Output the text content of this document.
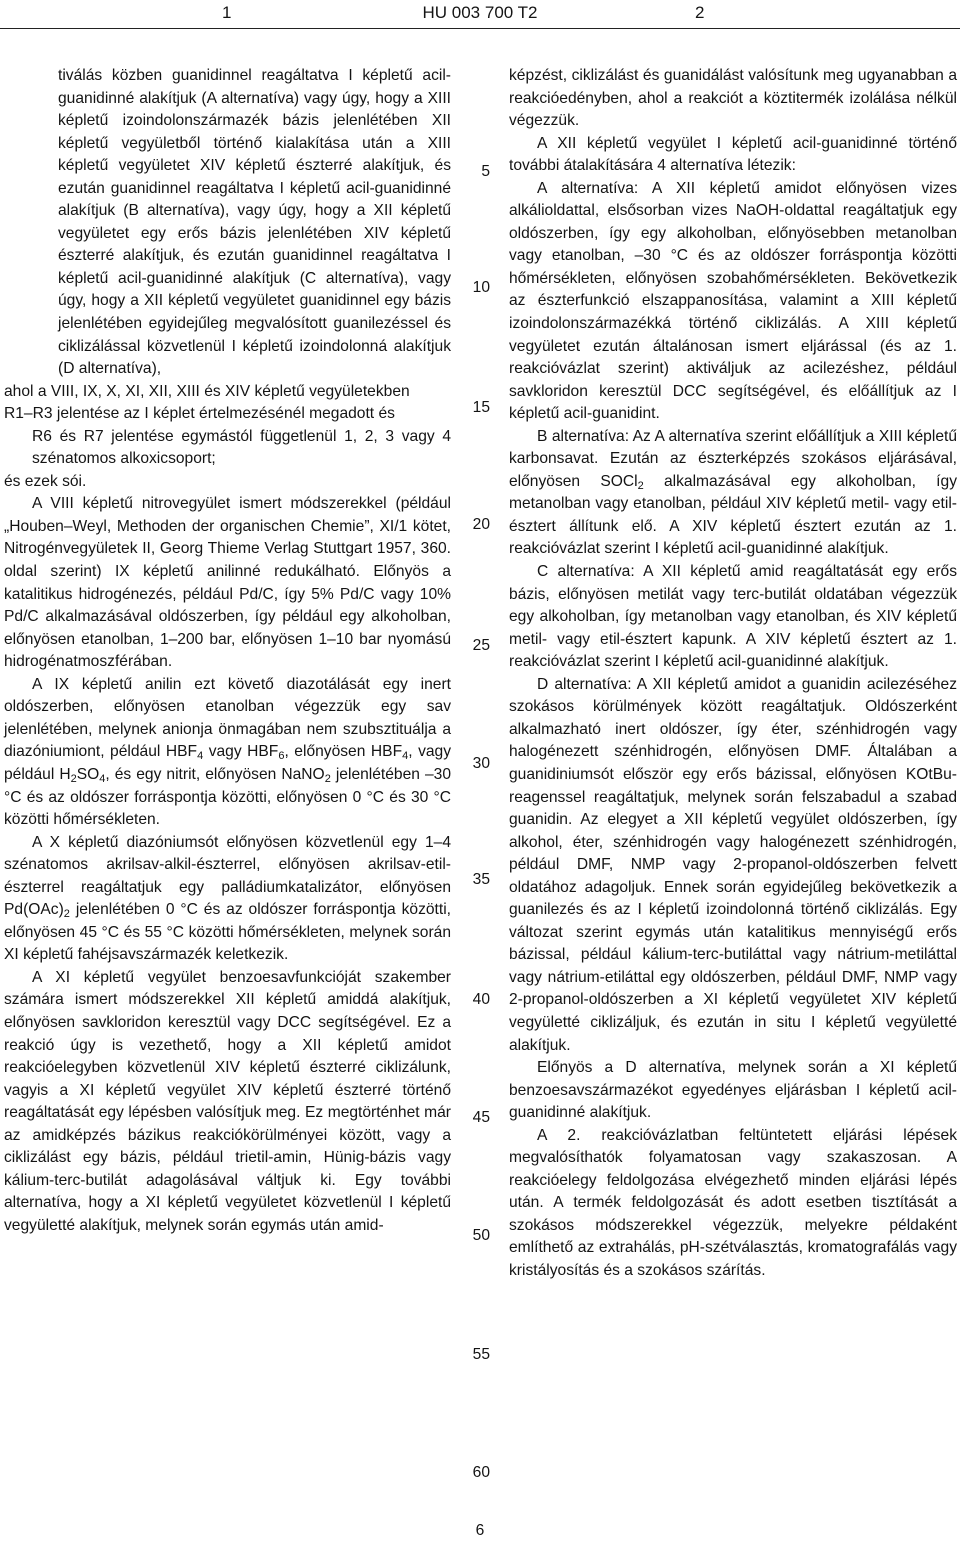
1	HU 003 700 T2	2

tiválás közben guanidinnel reagáltatva I képletű acil-guanidinné alakítjuk (A alternatíva) vagy úgy, hogy a XIII képletű izoindolonszármazék bázis jelenlétében XII képletű vegyületből történő kialakítása után a XIII képletű vegyületet XIV képletű észterré alakítjuk, és ezután guanidinnel reagáltatva I képletű acil-guanidinné alakítjuk (B alternatíva), vagy úgy, hogy a XII képletű vegyületet egy erős bázis jelenlétében XIV képletű észterré alakítjuk, és ezután guanidinnel reagáltatva I képletű acil-guanidinné alakítjuk (C alternatíva), vagy úgy, hogy a XII képletű vegyületet guanidinnel egy bázis jelenlétében egyidejűleg megvalósított guanilezéssel és ciklizálással közvetlenül I képletű izoindolonná alakítjuk (D alternatíva),

ahol a VIII, IX, X, XI, XII, XIII és XIV képletű vegyületekben

R1–R3 jelentése az I képlet értelmezésénél megadott és

R6 és R7 jelentése egymástól függetlenül 1, 2, 3 vagy 4 szénatomos alkoxicsoport;

és ezek sói.

A VIII képletű nitrovegyület ismert módszerekkel (például „Houben–Weyl, Methoden der organischen Chemie”, XI/1 kötet, Nitrogénvegyületek II, Georg Thieme Verlag Stuttgart 1957, 360. oldal szerint) IX képletű anilinné redukálható. Előnyös a katalitikus hidrogénezés, például Pd/C, így 5% Pd/C vagy 10% Pd/C alkalmazásával oldószerben, így például egy alkoholban, előnyösen etanolban, 1–200 bar, előnyösen 1–10 bar nyomású hidrogénatmoszférában.

A IX képletű anilin ezt követő diazotálását egy inert oldószerben, előnyösen etanolban végezzük egy sav jelenlétében, melynek anionja önmagában nem szubsztituálja a diazóniumiont, például $HBF_4$ vagy $HBF_6$, előnyösen $HBF_4$, vagy például $H_2SO_4$, és egy nitrit, előnyösen NaNO$_2$ jelenlétében –30 °C és az oldószer forráspontja közötti, előnyösen 0 °C és 30 °C közötti hőmérsékleten.

A X képletű diazóniumsót előnyösen közvetlenül egy 1–4 szénatomos akrilsav-alkil-észterrel, előnyösen akrilsav-etil-észterrel reagáltatjuk egy palládiumkatalizátor, előnyösen $Pd(OAc)_2$ jelenlétében 0 °C és az oldószer forráspontja közötti, előnyösen 45 °C és 55 °C közötti hőmérsékleten, melynek során XI képletű fahéjsavszármazék keletkezik.

A XI képletű vegyület benzoesavfunkcióját szakember számára ismert módszerekkel XII képletű amiddá alakítjuk, előnyösen savkloridon keresztül vagy DCC segítségével. Ez a reakció úgy is vezethető, hogy a XII képletű amidot reakcióelegyben közvetlenül XIV képletű észterré ciklizálunk, vagyis a XI képletű vegyület XIV képletű észterré történő reagáltatását egy lépésben valósítjuk meg. Ez megtörténhet már az amidképzés bázikus reakciókörülményei között, vagy a ciklizálást egy bázis, például trietil-amin, Hünig-bázis vagy kálium-terc-butilát adagolásával váltjuk ki. Egy további alternatíva, hogy a XI képletű vegyületet közvetlenül I képletű vegyületté alakítjuk, melynek során egymás után amid-

képzést, ciklizálást és guanidálást valósítunk meg ugyanabban a reakcióedényben, ahol a reakciót a köztitermék izolálása nélkül végezzük.

A XII képletű vegyület I képletű acil-guanidinné történő további átalakítására 4 alternatíva létezik:

A alternatíva: A XII képletű amidot előnyösen vizes alkálioldattal, elsősorban vizes NaOH-oldattal reagáltatjuk egy oldószerben, így egy alkoholban, előnyösebben metanolban vagy etanolban, –30 °C és az oldószer forráspontja közötti hőmérsékleten, előnyösen szobahőmérsékleten. Bekövetkezik az észterfunkció elszappanosítása, valamint a XIII képletű izoindolonszármazékká történő ciklizálás. A XIII képletű vegyületet ezután általánosan ismert eljárással (és az 1. reakcióvázlat szerint) aktiváljuk az acilezéshez, például savkloridon keresztül DCC segítségével, és előállítjuk az I képletű acil-guanidint.

B alternatíva: Az A alternatíva szerint előállítjuk a XIII képletű karbonsavat. Ezután az észterképzés szokásos eljárásával, előnyösen SOCl$_2$ alkalmazásával egy alkoholban, így metanolban vagy etanolban, például XIV képletű metil- vagy etil-észtert állítunk elő. A XIV képletű észtert ezután az 1. reakcióvázlat szerint I képletű acil-guanidinné alakítjuk.

C alternatíva: A XII képletű amid reagáltatását egy erős bázis, előnyösen metilát vagy terc-butilát oldatában végezzük egy alkoholban, így metanolban vagy etanolban, és XIV képletű metil- vagy etil-észtert kapunk. A XIV képletű észtert az 1. reakcióvázlat szerint I képletű acil-guanidinné alakítjuk.

D alternatíva: A XII képletű amidot a guanidin acilezéséhez szokásos körülmények között reagáltatjuk. Oldószerként alkalmazható inert oldószer, így éter, szénhidrogén vagy halogénezett szénhidrogén, előnyösen DMF. Általában a guanidiniumsót először egy erős bázissal, előnyösen KOtBu-reagenssel reagáltatjuk, melynek során felszabadul a szabad guanidin. Az elegyet a XII képletű vegyület oldószerben, így alkohol, éter, szénhidrogén vagy halogénezett szénhidrogén, például DMF, NMP vagy 2-propanol-oldószerben felvett oldatához adagoljuk. Ennek során egyidejűleg bekövetkezik a guanilezés és az I képletű izoindolonná történő ciklizálás. Egy változat szerint egymás után katalitikus mennyiségű erős bázissal, például kálium-terc-butiláttal vagy nátrium-metiláttal vagy nátrium-etiláttal egy oldószerben, például DMF, NMP vagy 2-propanol-oldószerben a XI képletű vegyületet XIV képletű vegyületté ciklizáljuk, és ezután in situ I képletű vegyületté alakítjuk.

Előnyös a D alternatíva, melynek során a XI képletű benzoesavszármazékot egyedényes eljárásban I képletű acil-guanidinné alakítjuk.

A 2. reakcióvázlatban feltüntetett eljárási lépések megvalósíthatók folyamatosan vagy szakaszosan. A reakcióelegy feldolgozása elvégezhető minden eljárási lépés után. A termék feldolgozását és adott esetben tisztítását a szokásos módszerekkel végezzük, melyekre példaként említhető az extrahálás, pH-szétválasztás, kromatografálás vagy kristályosítás és a szokásos szárítás.

5
10
15
20
25
30
35
40
45
50
55
60
6
